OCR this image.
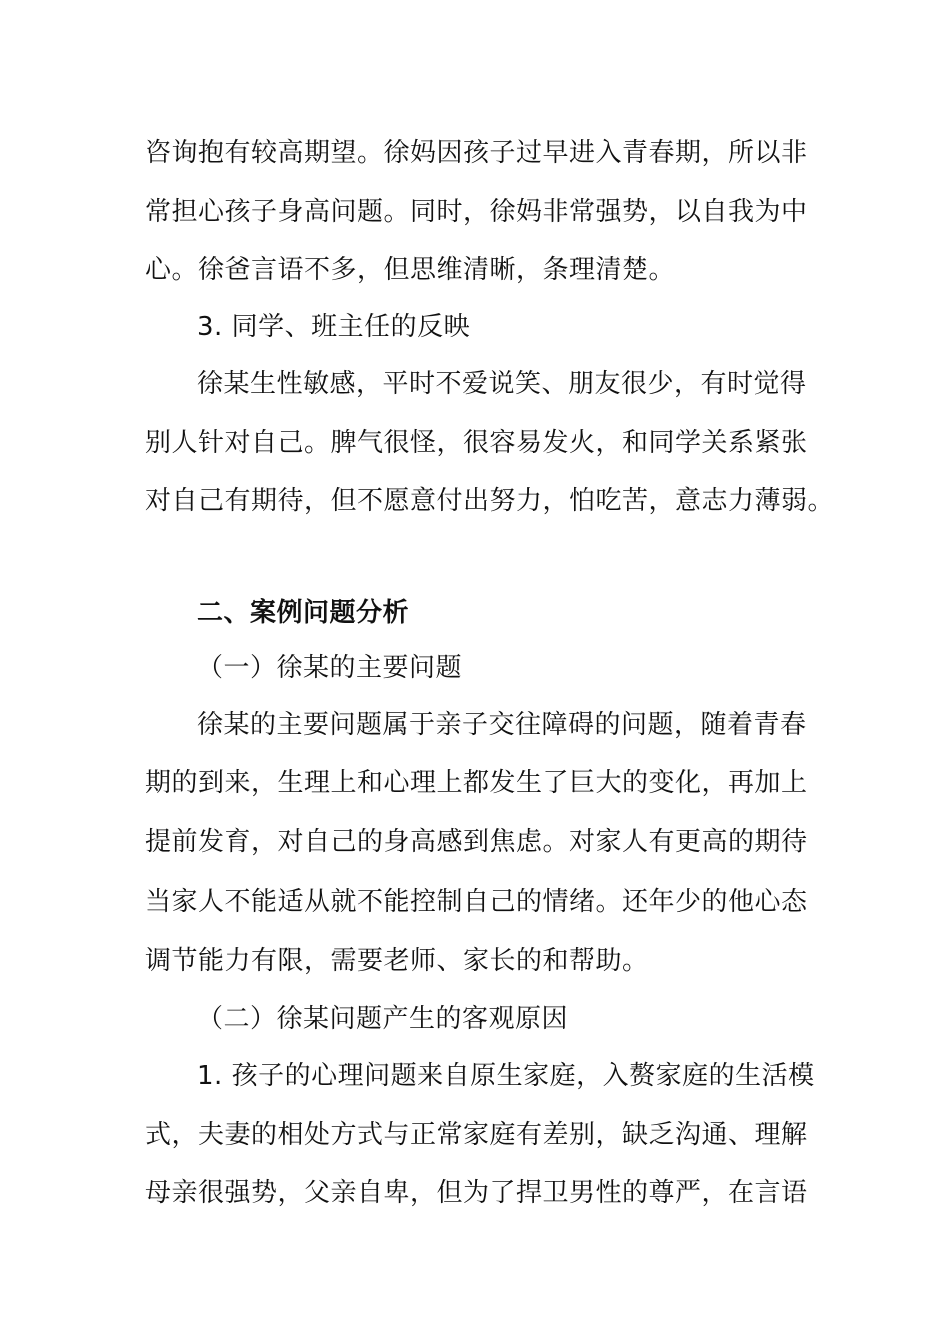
咨询抱有较高期望。徐妈因孩子过早进入青春期，所以非
常担心孩子身高问题。同时，徐妈非常强势，以自我为中
心。徐爸言语不多，但思维清晰，条理清楚。
3. 同学、班主任的反映
徐某生性敏感，平时不爱说笑、朋友很少，有时觉得
别人针对自己。脾气很怪，很容易发火，和同学关系紧张
对自己有期待，但不愿意付出努力，怕吃苦，意志力薄弱。
二、案例问题分析
（一）徐某的主要问题
徐某的主要问题属于亲子交往障碍的问题，随着青春
期的到来，生理上和心理上都发生了巨大的变化，再加上
提前发育，对自己的身高感到焦虑。对家人有更高的期待
当家人不能适从就不能控制自己的情绪。还年少的他心态
调节能力有限，需要老师、家长的和帮助。
（二）徐某问题产生的客观原因
1. 孩子的心理问题来自原生家庭，入赘家庭的生活模
式，夫妻的相处方式与正常家庭有差别，缺乏沟通、理解
母亲很强势，父亲自卑，但为了捍卫男性的尊严，在言语
